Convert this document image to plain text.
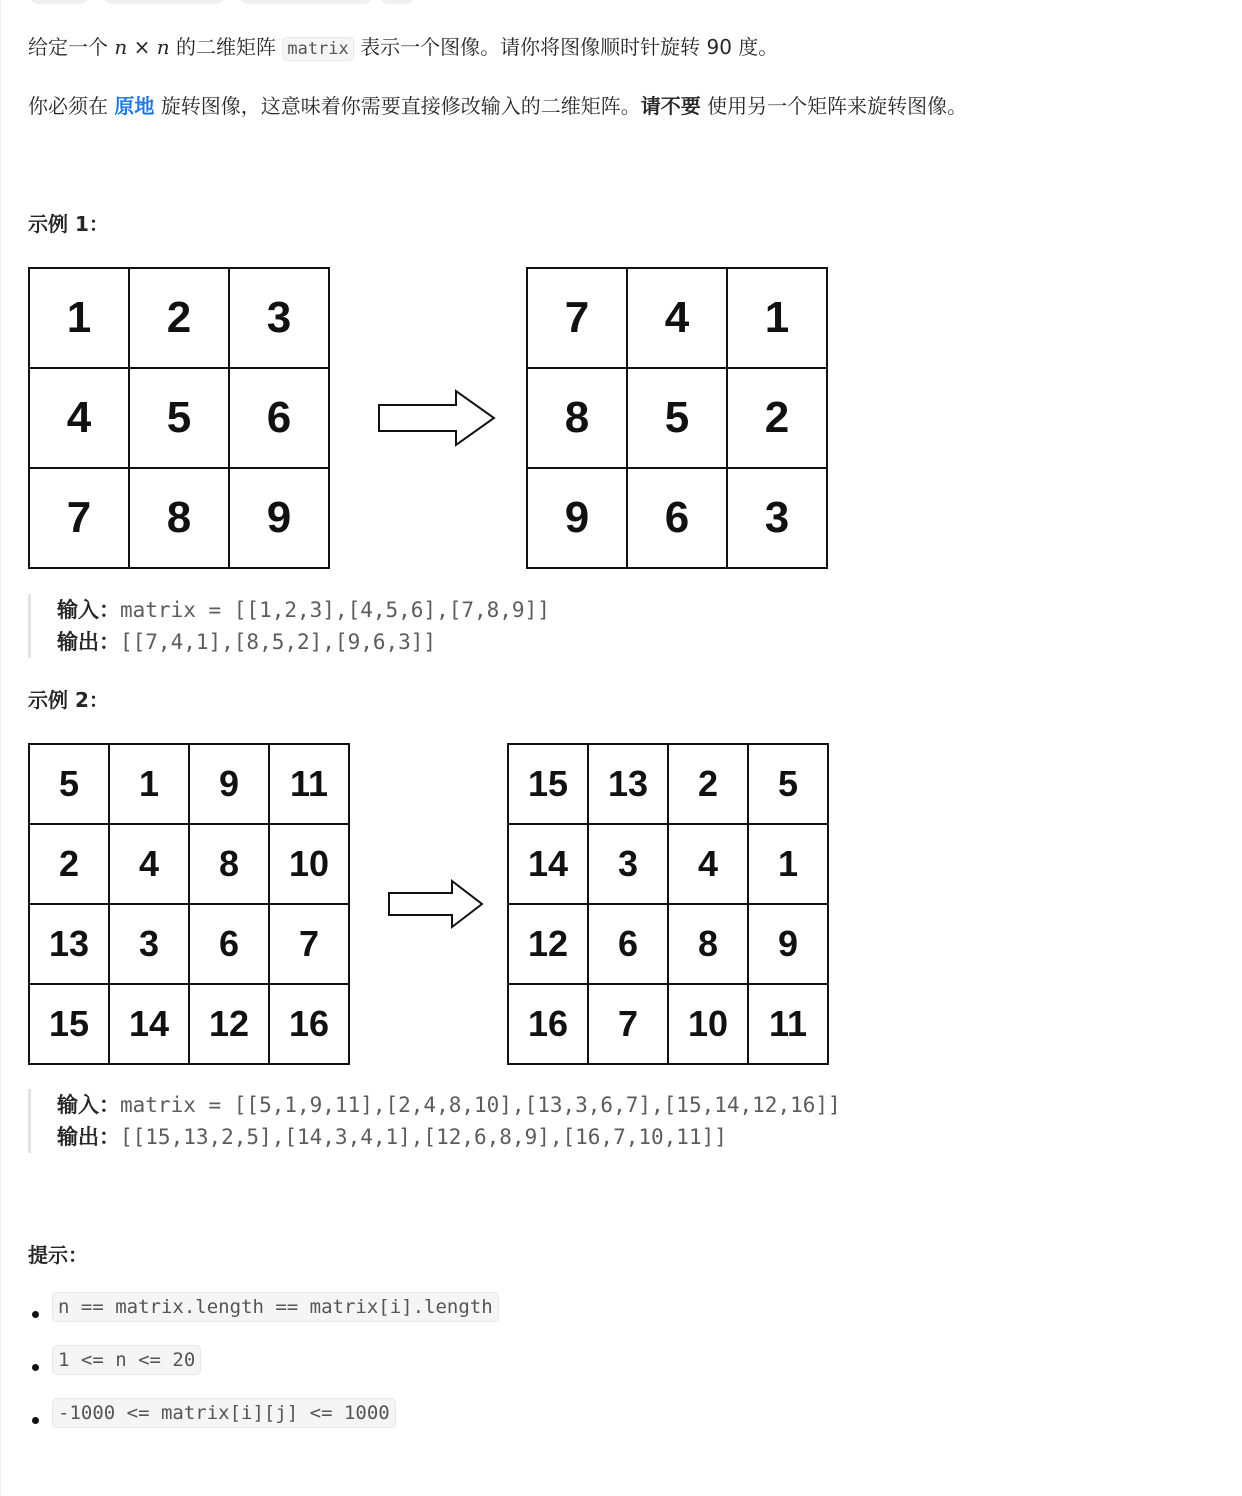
给定一个 n × n 的二维矩阵 matrix 表示一个图像。请你将图像顺时针旋转 90 度。

你必须在 原地 旋转图像，这意味着你需要直接修改输入的二维矩阵。请不要 使用另一个矩阵来旋转图像。

示例 1：
1	2	3
4	5	6
7	8	9
7	4	1
8	5	2
9	6	3
输入：matrix = [[1,2,3],[4,5,6],[7,8,9]]
输出：[[7,4,1],[8,5,2],[9,6,3]]
示例 2：
5	1	9	11
2	4	8	10
13	3	6	7
15	14	12	16
15	13	2	5
14	3	4	1
12	6	8	9
16	7	10	11
输入：matrix = [[5,1,9,11],[2,4,8,10],[13,3,6,7],[15,14,12,16]]
输出：[[15,13,2,5],[14,3,4,1],[12,6,8,9],[16,7,10,11]]
提示：
n == matrix.length == matrix[i].length
1 <= n <= 20
-1000 <= matrix[i][j] <= 1000
